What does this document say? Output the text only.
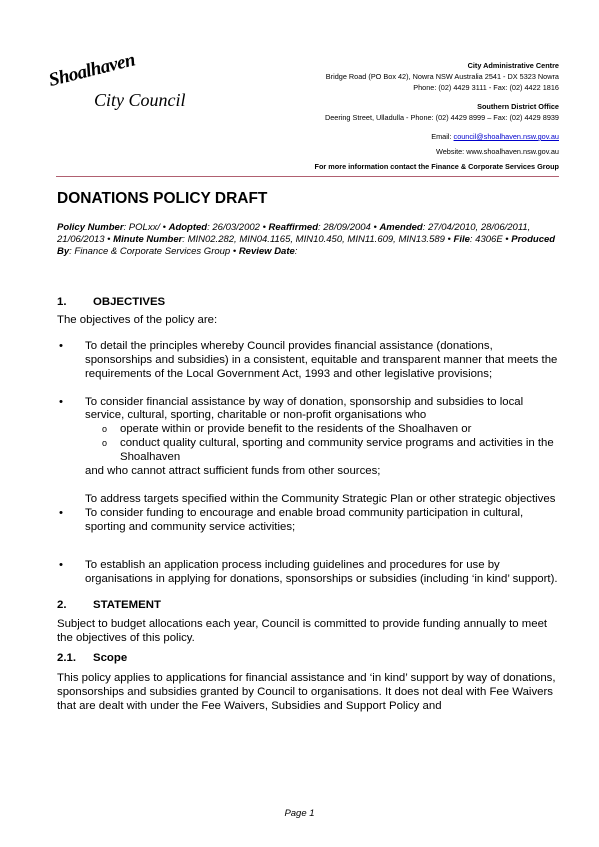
Shoalhaven
City Council
City Administrative Centre
Bridge Road (PO Box 42), Nowra NSW Australia 2541 - DX 5323 Nowra
Phone: (02) 4429 3111 - Fax: (02) 4422 1816
Southern District Office
Deering Street, Ulladulla - Phone: (02) 4429 8999 – Fax: (02) 4429 8939
Email: council@shoalhaven.nsw.gov.au
Website: www.shoalhaven.nsw.gov.au
For more information contact the Finance & Corporate Services Group
DONATIONS POLICY DRAFT
Policy Number: POLxx/ • Adopted: 26/03/2002 • Reaffirmed: 28/09/2004 • Amended: 27/04/2010, 28/06/2011, 21/06/2013 • Minute Number: MIN02.282, MIN04.1165, MIN10.450, MIN11.609, MIN13.589 • File: 4306E • Produced By: Finance & Corporate Services Group • Review Date:
1.	OBJECTIVES

The objectives of the policy are:

• To detail the principles whereby Council provides financial assistance (donations, sponsorships and subsidies) in a consistent, equitable and transparent manner that meets the requirements of the Local Government Act, 1993 and other legislative provisions;
• To consider financial assistance by way of donation, sponsorship and subsidies to local service, cultural, sporting, charitable or non-profit organisations who
o operate within or provide benefit to the residents of the Shoalhaven or
o conduct quality cultural, sporting and community service programs and activities in the Shoalhaven
and who cannot attract sufficient funds from other sources;
To address targets specified within the Community Strategic Plan or other strategic objectives
• To consider funding to encourage and enable broad community participation in cultural, sporting and community service activities;
• To establish an application process including guidelines and procedures for use by organisations in applying for donations, sponsorships or subsidies (including ‘in kind’ support).
2.	STATEMENT

Subject to budget allocations each year, Council is committed to provide funding annually to meet the objectives of this policy.

2.1.	Scope

This policy applies to applications for financial assistance and ‘in kind’ support by way of donations, sponsorships and subsidies granted by Council to organisations. It does not deal with Fee Waivers that are dealt with under the Fee Waivers, Subsidies and Support Policy and

Page 1
